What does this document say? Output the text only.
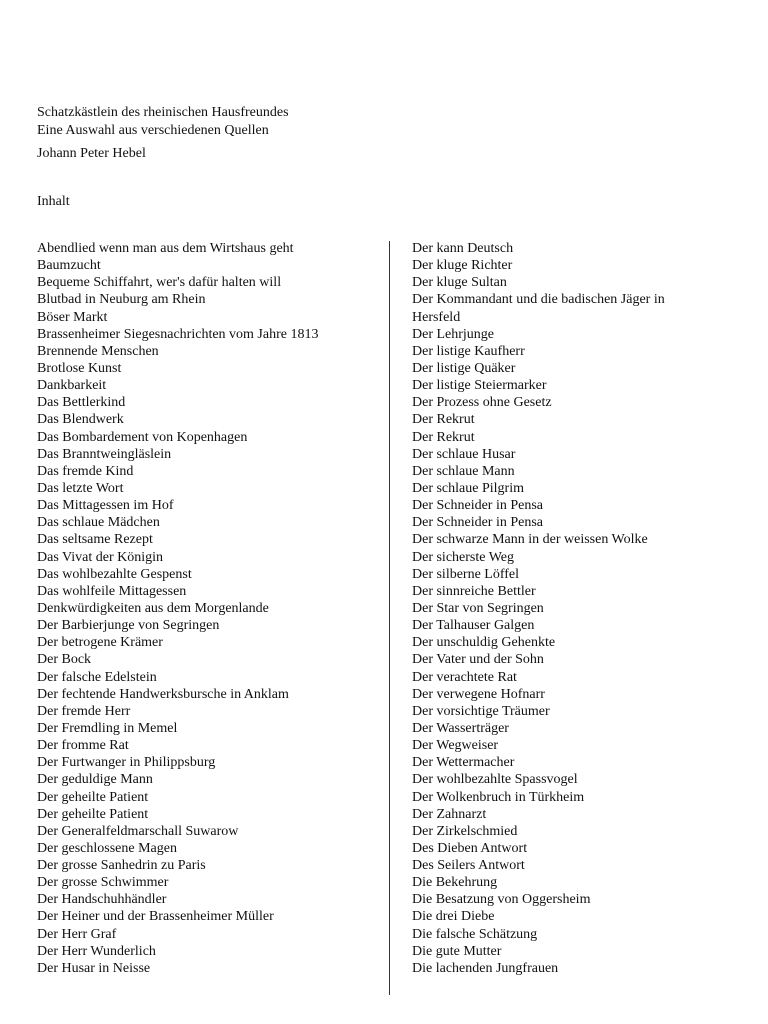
Schatzkästlein des rheinischen Hausfreundes
Eine Auswahl aus verschiedenen Quellen
Johann Peter Hebel
Inhalt
Abendlied wenn man aus dem Wirtshaus geht
Baumzucht
Bequeme Schiffahrt, wer's dafür halten will
Blutbad in Neuburg am Rhein
Böser Markt
Brassenheimer Siegesnachrichten vom Jahre 1813
Brennende Menschen
Brotlose Kunst
Dankbarkeit
Das Bettlerkind
Das Blendwerk
Das Bombardement von Kopenhagen
Das Branntweingläslein
Das fremde Kind
Das letzte Wort
Das Mittagessen im Hof
Das schlaue Mädchen
Das seltsame Rezept
Das Vivat der Königin
Das wohlbezahlte Gespenst
Das wohlfeile Mittagessen
Denkwürdigkeiten aus dem Morgenlande
Der Barbierjunge von Segringen
Der betrogene Krämer
Der Bock
Der falsche Edelstein
Der fechtende Handwerksbursche in Anklam
Der fremde Herr
Der Fremdling in Memel
Der fromme Rat
Der Furtwanger in Philippsburg
Der geduldige Mann
Der geheilte Patient
Der geheilte Patient
Der Generalfeldmarschall Suwarow
Der geschlossene Magen
Der grosse Sanhedrin zu Paris
Der grosse Schwimmer
Der Handschuhhändler
Der Heiner und der Brassenheimer Müller
Der Herr Graf
Der Herr Wunderlich
Der Husar in Neisse
Der kann Deutsch
Der kluge Richter
Der kluge Sultan
Der Kommandant und die badischen Jäger in
Hersfeld
Der Lehrjunge
Der listige Kaufherr
Der listige Quäker
Der listige Steiermarker
Der Prozess ohne Gesetz
Der Rekrut
Der Rekrut
Der schlaue Husar
Der schlaue Mann
Der schlaue Pilgrim
Der Schneider in Pensa
Der Schneider in Pensa
Der schwarze Mann in der weissen Wolke
Der sicherste Weg
Der silberne Löffel
Der sinnreiche Bettler
Der Star von Segringen
Der Talhauser Galgen
Der unschuldig Gehenkte
Der Vater und der Sohn
Der verachtete Rat
Der verwegene Hofnarr
Der vorsichtige Träumer
Der Wasserträger
Der Wegweiser
Der Wettermacher
Der wohlbezahlte Spassvogel
Der Wolkenbruch in Türkheim
Der Zahnarzt
Der Zirkelschmied
Des Dieben Antwort
Des Seilers Antwort
Die Bekehrung
Die Besatzung von Oggersheim
Die drei Diebe
Die falsche Schätzung
Die gute Mutter
Die lachenden Jungfrauen
